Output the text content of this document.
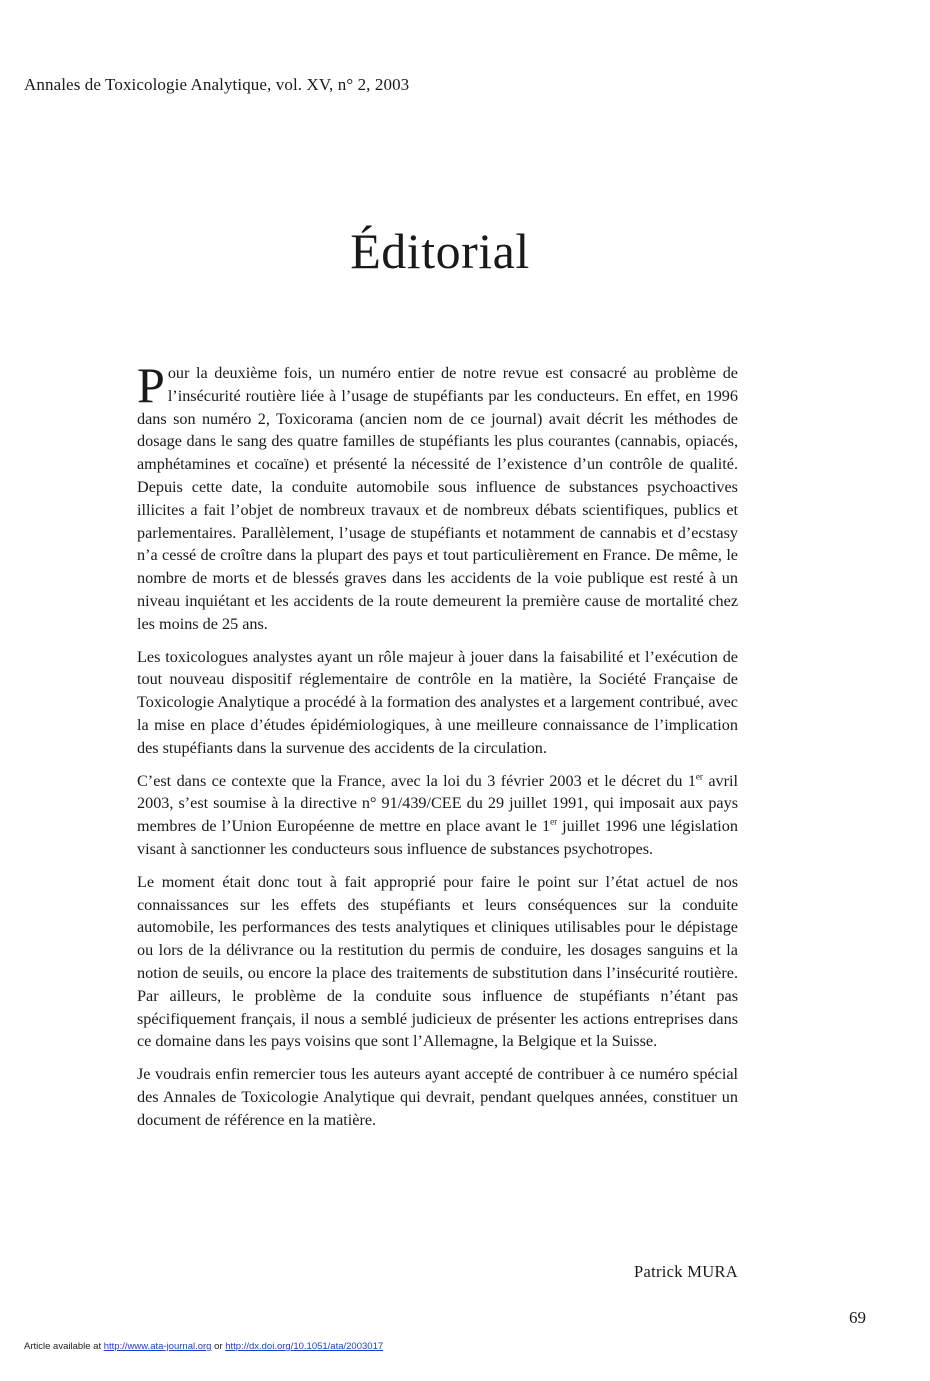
Annales de Toxicologie Analytique, vol. XV, n° 2, 2003
Éditorial

Pour la deuxième fois, un numéro entier de notre revue est consacré au problème de l’insécurité routière liée à l’usage de stupéfiants par les conducteurs. En effet, en 1996 dans son numéro 2, Toxicorama (ancien nom de ce journal) avait décrit les méthodes de dosage dans le sang des quatre familles de stupéfiants les plus courantes (cannabis, opiacés, amphétamines et cocaïne) et présenté la nécessité de l’existence d’un contrôle de qualité. Depuis cette date, la conduite automobile sous influence de substances psychoactives illicites a fait l’objet de nombreux travaux et de nombreux débats scientifiques, publics et parlementaires. Parallèlement, l’usage de stupéfiants et notamment de cannabis et d’ecstasy n’a cessé de croître dans la plupart des pays et tout particulièrement en France. De même, le nombre de morts et de blessés graves dans les accidents de la voie publique est resté à un niveau inquiétant et les accidents de la route demeurent la première cause de mortalité chez les moins de 25 ans.

Les toxicologues analystes ayant un rôle majeur à jouer dans la faisabilité et l’exécution de tout nouveau dispositif réglementaire de contrôle en la matière, la Société Française de Toxicologie Analytique a procédé à la formation des analystes et a largement contribué, avec la mise en place d’études épidémiologiques, à une meilleure connaissance de l’implication des stupéfiants dans la survenue des accidents de la circulation.

C’est dans ce contexte que la France, avec la loi du 3 février 2003 et le décret du 1er avril 2003, s’est soumise à la directive n° 91/439/CEE du 29 juillet 1991, qui imposait aux pays membres de l’Union Européenne de mettre en place avant le 1er juillet 1996 une législation visant à sanctionner les conducteurs sous influence de substances psychotropes.

Le moment était donc tout à fait approprié pour faire le point sur l’état actuel de nos connaissances sur les effets des stupéfiants et leurs conséquences sur la conduite automobile, les performances des tests analytiques et cliniques utilisables pour le dépistage ou lors de la délivrance ou la restitution du permis de conduire, les dosages sanguins et la notion de seuils, ou encore la place des traitements de substitution dans l’insécurité routière. Par ailleurs, le problème de la conduite sous influence de stupéfiants n’étant pas spécifiquement français, il nous a semblé judicieux de présenter les actions entreprises dans ce domaine dans les pays voisins que sont l’Allemagne, la Belgique et la Suisse.

Je voudrais enfin remercier tous les auteurs ayant accepté de contribuer à ce numéro spécial des Annales de Toxicologie Analytique qui devrait, pendant quelques années, constituer un document de référence en la matière.

Patrick MURA
69
Article available at http://www.ata-journal.org or http://dx.doi.org/10.1051/ata/2003017
